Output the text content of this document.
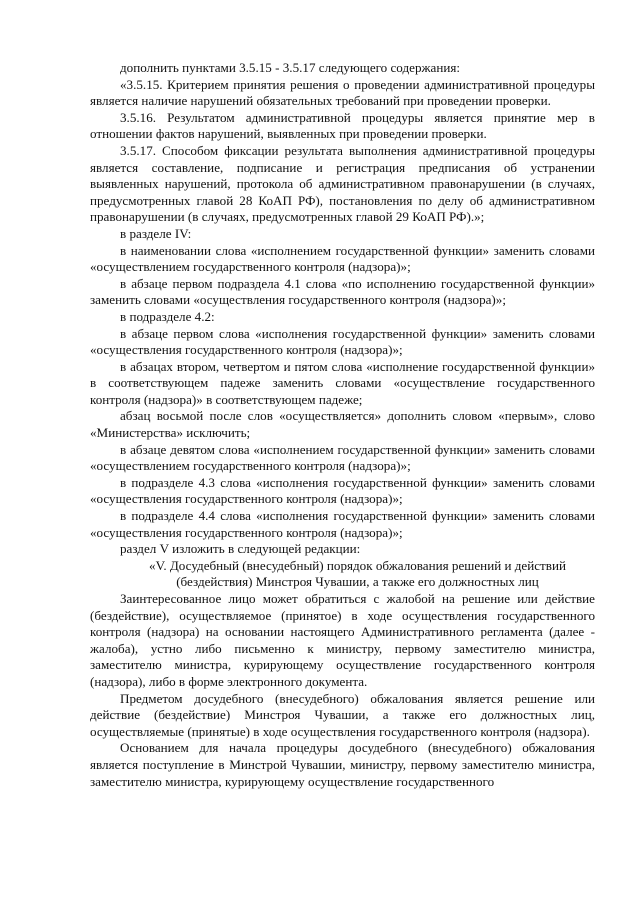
дополнить пунктами 3.5.15 - 3.5.17 следующего содержания:

«3.5.15. Критерием принятия решения о проведении административной процедуры является наличие нарушений обязательных требований при проведении проверки.

3.5.16. Результатом административной процедуры является принятие мер в отношении фактов нарушений, выявленных при проведении проверки.

3.5.17. Способом фиксации результата выполнения административной процедуры является составление, подписание и регистрация предписания об устранении выявленных нарушений, протокола об административном правонарушении (в случаях, предусмотренных главой 28 КоАП РФ), постановления по делу об административном правонарушении (в случаях, предусмотренных главой 29 КоАП РФ).»;

в разделе IV:

в наименовании слова «исполнением государственной функции» заменить словами «осуществлением государственного контроля (надзора)»;

в абзаце первом подраздела 4.1 слова «по исполнению государственной функции» заменить словами «осуществления государственного контроля (надзора)»;

в подразделе 4.2:

в абзаце первом слова «исполнения государственной функции» заменить словами «осуществления государственного контроля (надзора)»;

в абзацах втором, четвертом и пятом слова «исполнение государственной функции» в соответствующем падеже заменить словами «осуществление государственного контроля (надзора)» в соответствующем падеже;

абзац восьмой после слов «осуществляется» дополнить словом «первым», слово «Министерства» исключить;

в абзаце девятом слова «исполнением государственной функции» заменить словами «осуществлением государственного контроля (надзора)»;

в подразделе 4.3 слова «исполнения государственной функции» заменить словами «осуществления государственного контроля (надзора)»;

в подразделе 4.4 слова «исполнения государственной функции» заменить словами «осуществления государственного контроля (надзора)»;

раздел V изложить в следующей редакции:

«V. Досудебный (внесудебный) порядок обжалования решений и действий
(бездействия) Минстроя Чувашии, а также его должностных лиц

Заинтересованное лицо может обратиться с жалобой на решение или действие (бездействие), осуществляемое (принятое) в ходе осуществления государственного контроля (надзора) на основании настоящего Административного регламента (далее - жалоба), устно либо письменно к министру, первому заместителю министра, заместителю министра, курирующему осуществление государственного контроля (надзора), либо в форме электронного документа.

Предметом досудебного (внесудебного) обжалования является решение или действие (бездействие) Минстроя Чувашии, а также его должностных лиц, осуществляемые (принятые) в ходе осуществления государственного контроля (надзора).

Основанием для начала процедуры досудебного (внесудебного) обжалования является поступление в Минстрой Чувашии, министру, первому заместителю министра, заместителю министра, курирующему осуществление государственного
